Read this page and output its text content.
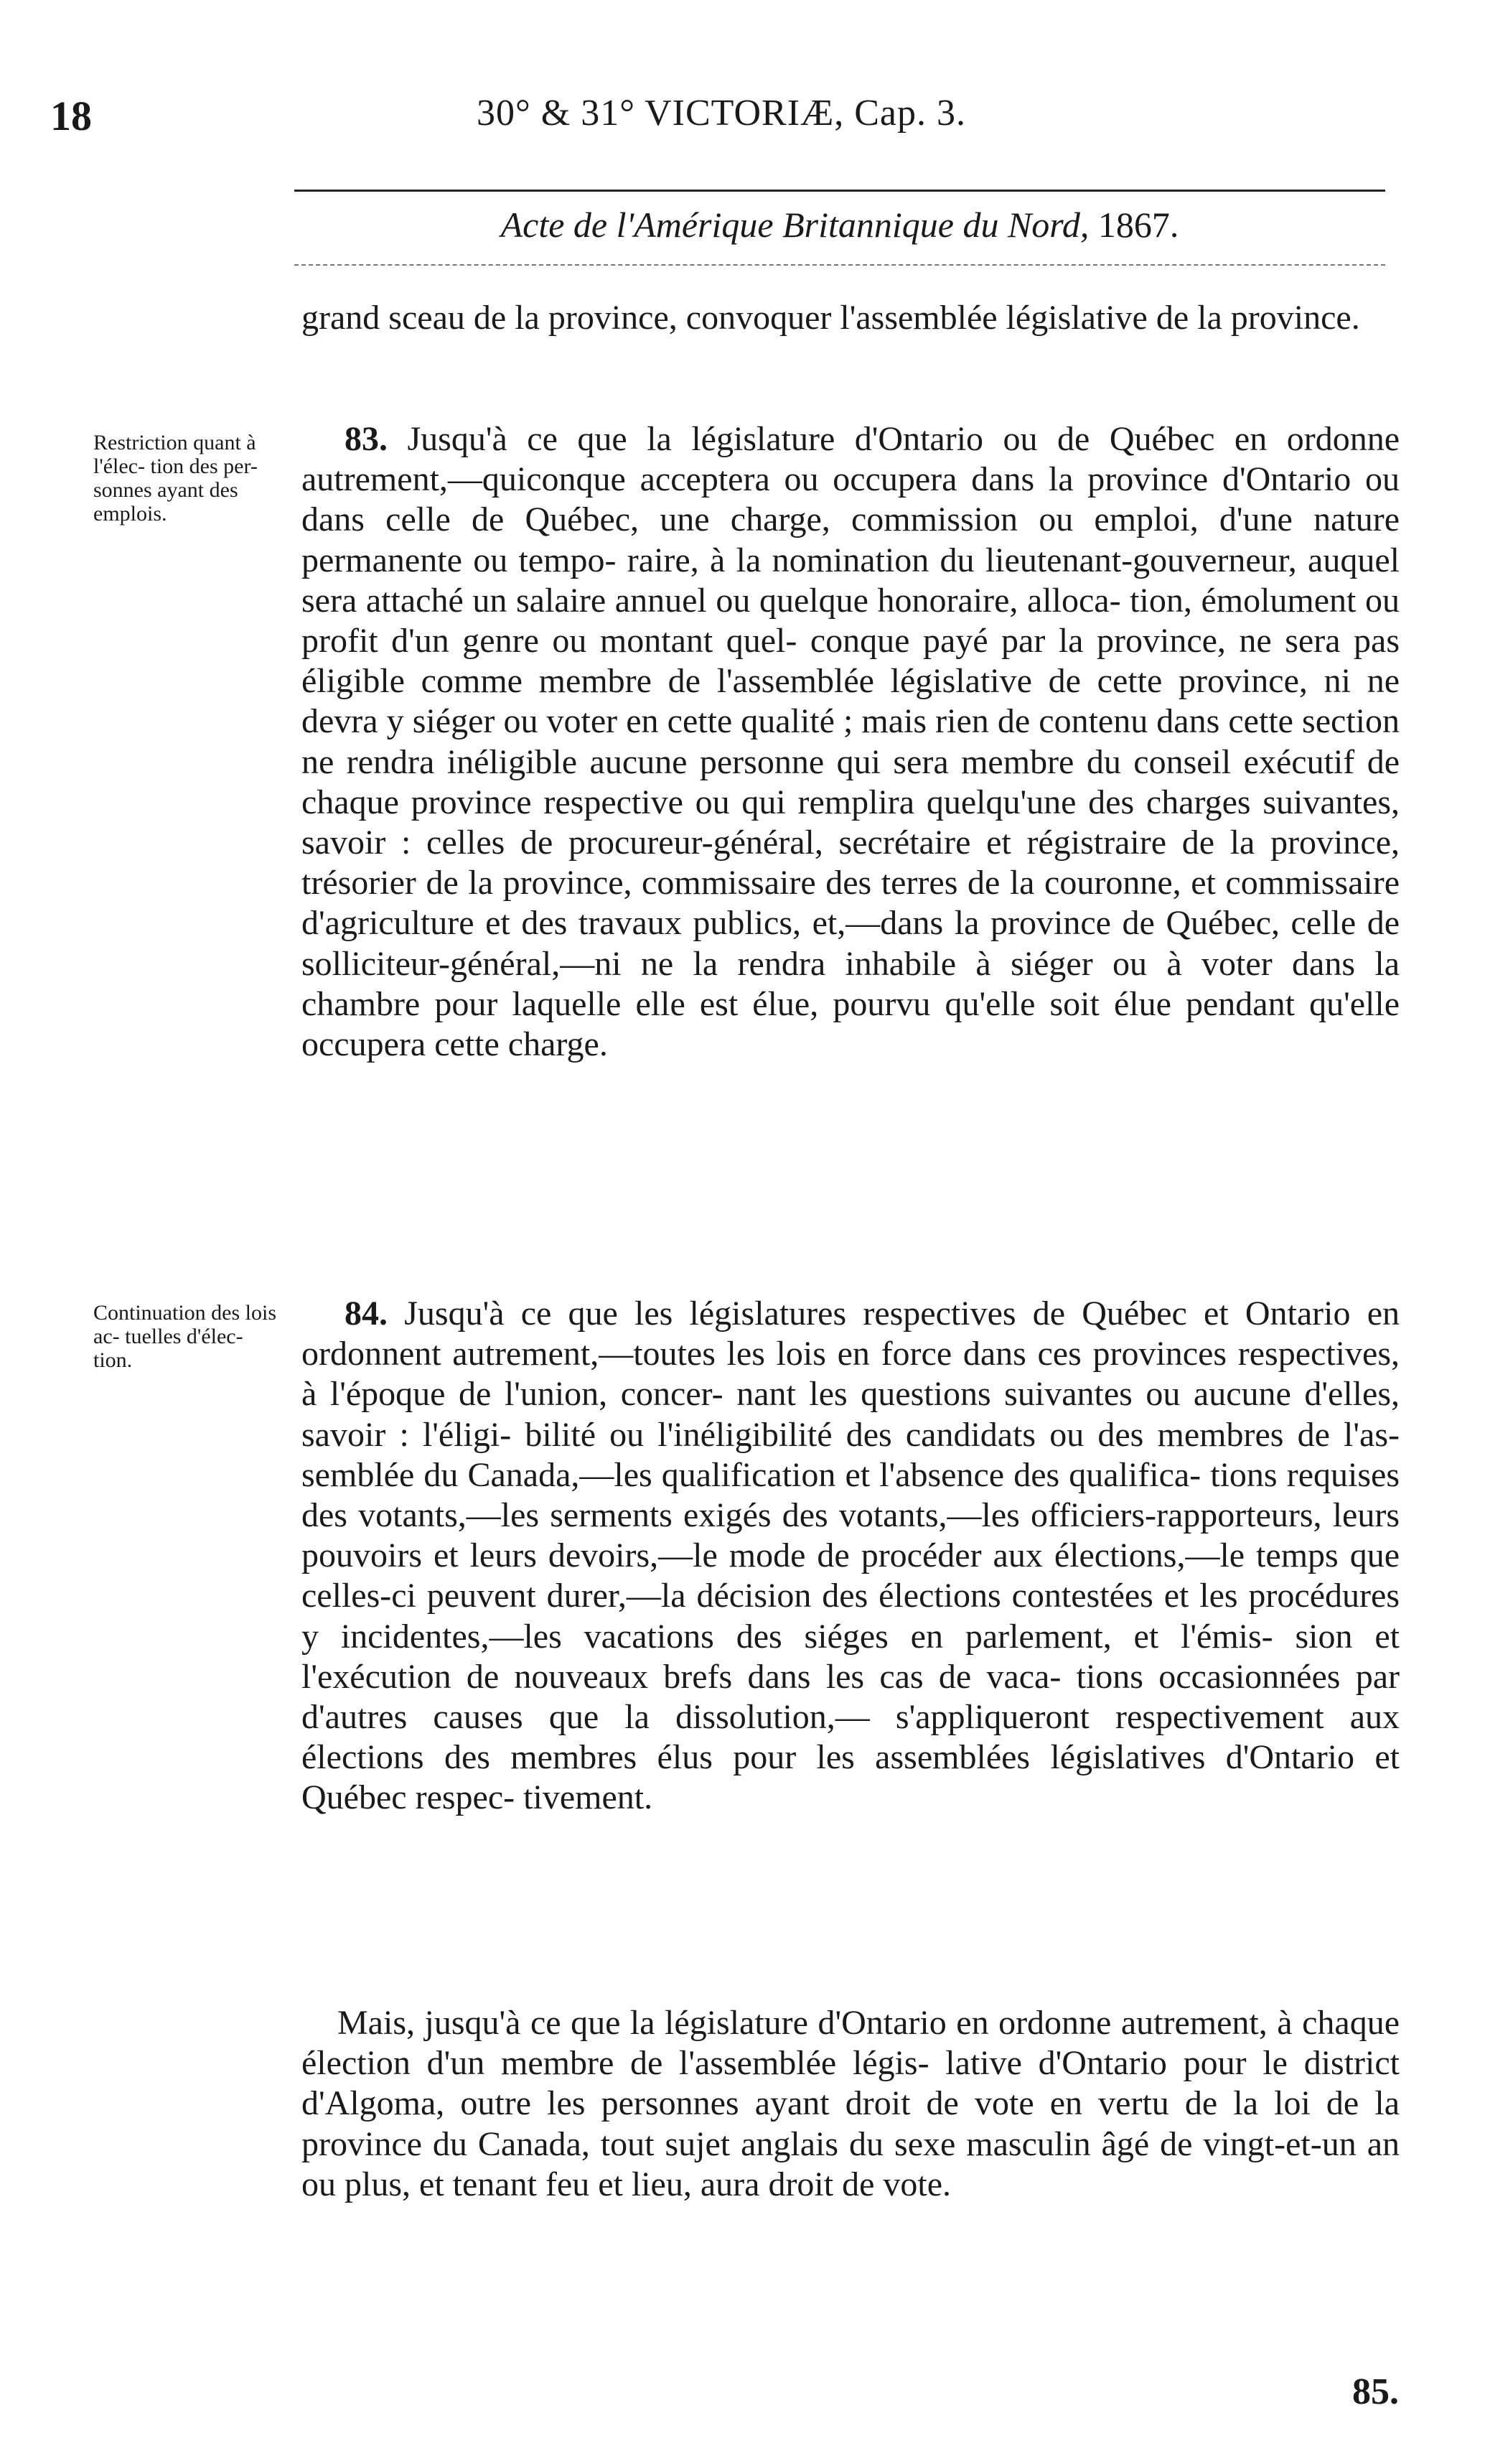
18	30° & 31° VICTORIÆ, Cap. 3.
Acte de l'Amérique Britannique du Nord, 1867.
grand sceau de la province, convoquer l'assemblée législative de la province.
Restriction quant à l'élec- tion des per- sonnes ayant des emplois.
83. Jusqu'à ce que la législature d'Ontario ou de Québec en ordonne autrement,—quiconque acceptera ou occupera dans la province d'Ontario ou dans celle de Québec, une charge, commission ou emploi, d'une nature permanente ou tempo- raire, à la nomination du lieutenant-gouverneur, auquel sera attaché un salaire annuel ou quelque honoraire, alloca- tion, émolument ou profit d'un genre ou montant quel- conque payé par la province, ne sera pas éligible comme membre de l'assemblée législative de cette province, ni ne devra y siéger ou voter en cette qualité ; mais rien de contenu dans cette section ne rendra inéligible aucune personne qui sera membre du conseil exécutif de chaque province respective ou qui remplira quelqu'une des charges suivantes, savoir : celles de procureur-général, secrétaire et régistraire de la province, trésorier de la province, commissaire des terres de la couronne, et commissaire d'agriculture et des travaux publics, et,—dans la province de Québec, celle de solliciteur-général,—ni ne la rendra inhabile à siéger ou à voter dans la chambre pour laquelle elle est élue, pourvu qu'elle soit élue pendant qu'elle occupera cette charge.
Continuation des lois ac- tuelles d'élec- tion.
84. Jusqu'à ce que les législatures respectives de Québec et Ontario en ordonnent autrement,—toutes les lois en force dans ces provinces respectives, à l'époque de l'union, concer- nant les questions suivantes ou aucune d'elles, savoir : l'éligi- bilité ou l'inéligibilité des candidats ou des membres de l'as- semblée du Canada,—les qualification et l'absence des qualifica- tions requises des votants,—les serments exigés des votants,—les officiers-rapporteurs, leurs pouvoirs et leurs devoirs,—le mode de procéder aux élections,—le temps que celles-ci peuvent durer,—la décision des élections contestées et les procédures y incidentes,—les vacations des siéges en parlement, et l'émis- sion et l'exécution de nouveaux brefs dans les cas de vaca- tions occasionnées par d'autres causes que la dissolution,— s'appliqueront respectivement aux élections des membres élus pour les assemblées législatives d'Ontario et Québec respec- tivement.
Mais, jusqu'à ce que la législature d'Ontario en ordonne autrement, à chaque élection d'un membre de l'assemblée légis- lative d'Ontario pour le district d'Algoma, outre les personnes ayant droit de vote en vertu de la loi de la province du Canada, tout sujet anglais du sexe masculin âgé de vingt-et-un an ou plus, et tenant feu et lieu, aura droit de vote.
85.
